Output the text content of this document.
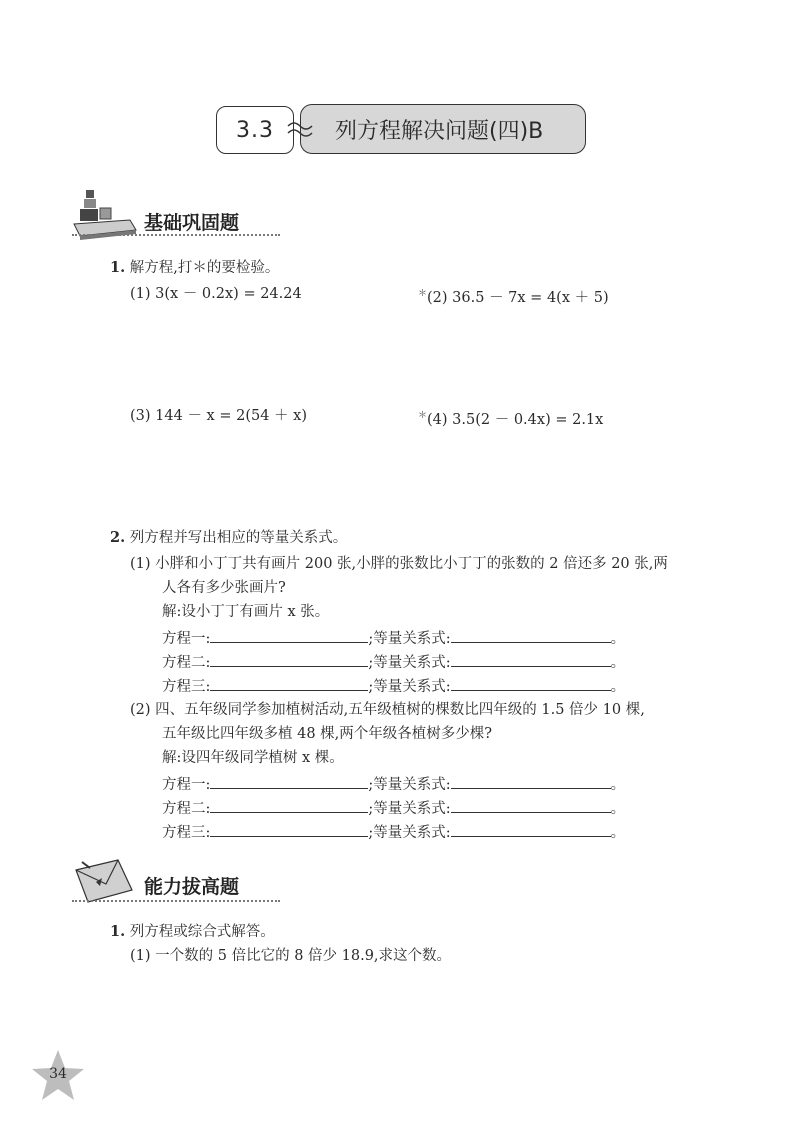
3.3	列方程解决问题(四)B
基础巩固题
1. 解方程,打＊的要检验。
(1) 3(x － 0.2x) = 24.24	＊(2) 36.5 － 7x = 4(x ＋ 5)
(3) 144 － x = 2(54 ＋ x)	＊(4) 3.5(2 － 0.4x) = 2.1x
2. 列方程并写出相应的等量关系式。
(1) 小胖和小丁丁共有画片 200 张,小胖的张数比小丁丁的张数的 2 倍还多 20 张,两
人各有多少张画片?
解:设小丁丁有画片 x 张。
方程一:	;等量关系式:	。
方程二:	;等量关系式:	。
方程三:	;等量关系式:	。
(2) 四、五年级同学参加植树活动,五年级植树的棵数比四年级的 1.5 倍少 10 棵,
五年级比四年级多植 48 棵,两个年级各植树多少棵?
解:设四年级同学植树 x 棵。
方程一:	;等量关系式:	。
方程二:	;等量关系式:	。
方程三:	;等量关系式:	。
能力拔高题
1. 列方程或综合式解答。
(1) 一个数的 5 倍比它的 8 倍少 18.9,求这个数。
34
